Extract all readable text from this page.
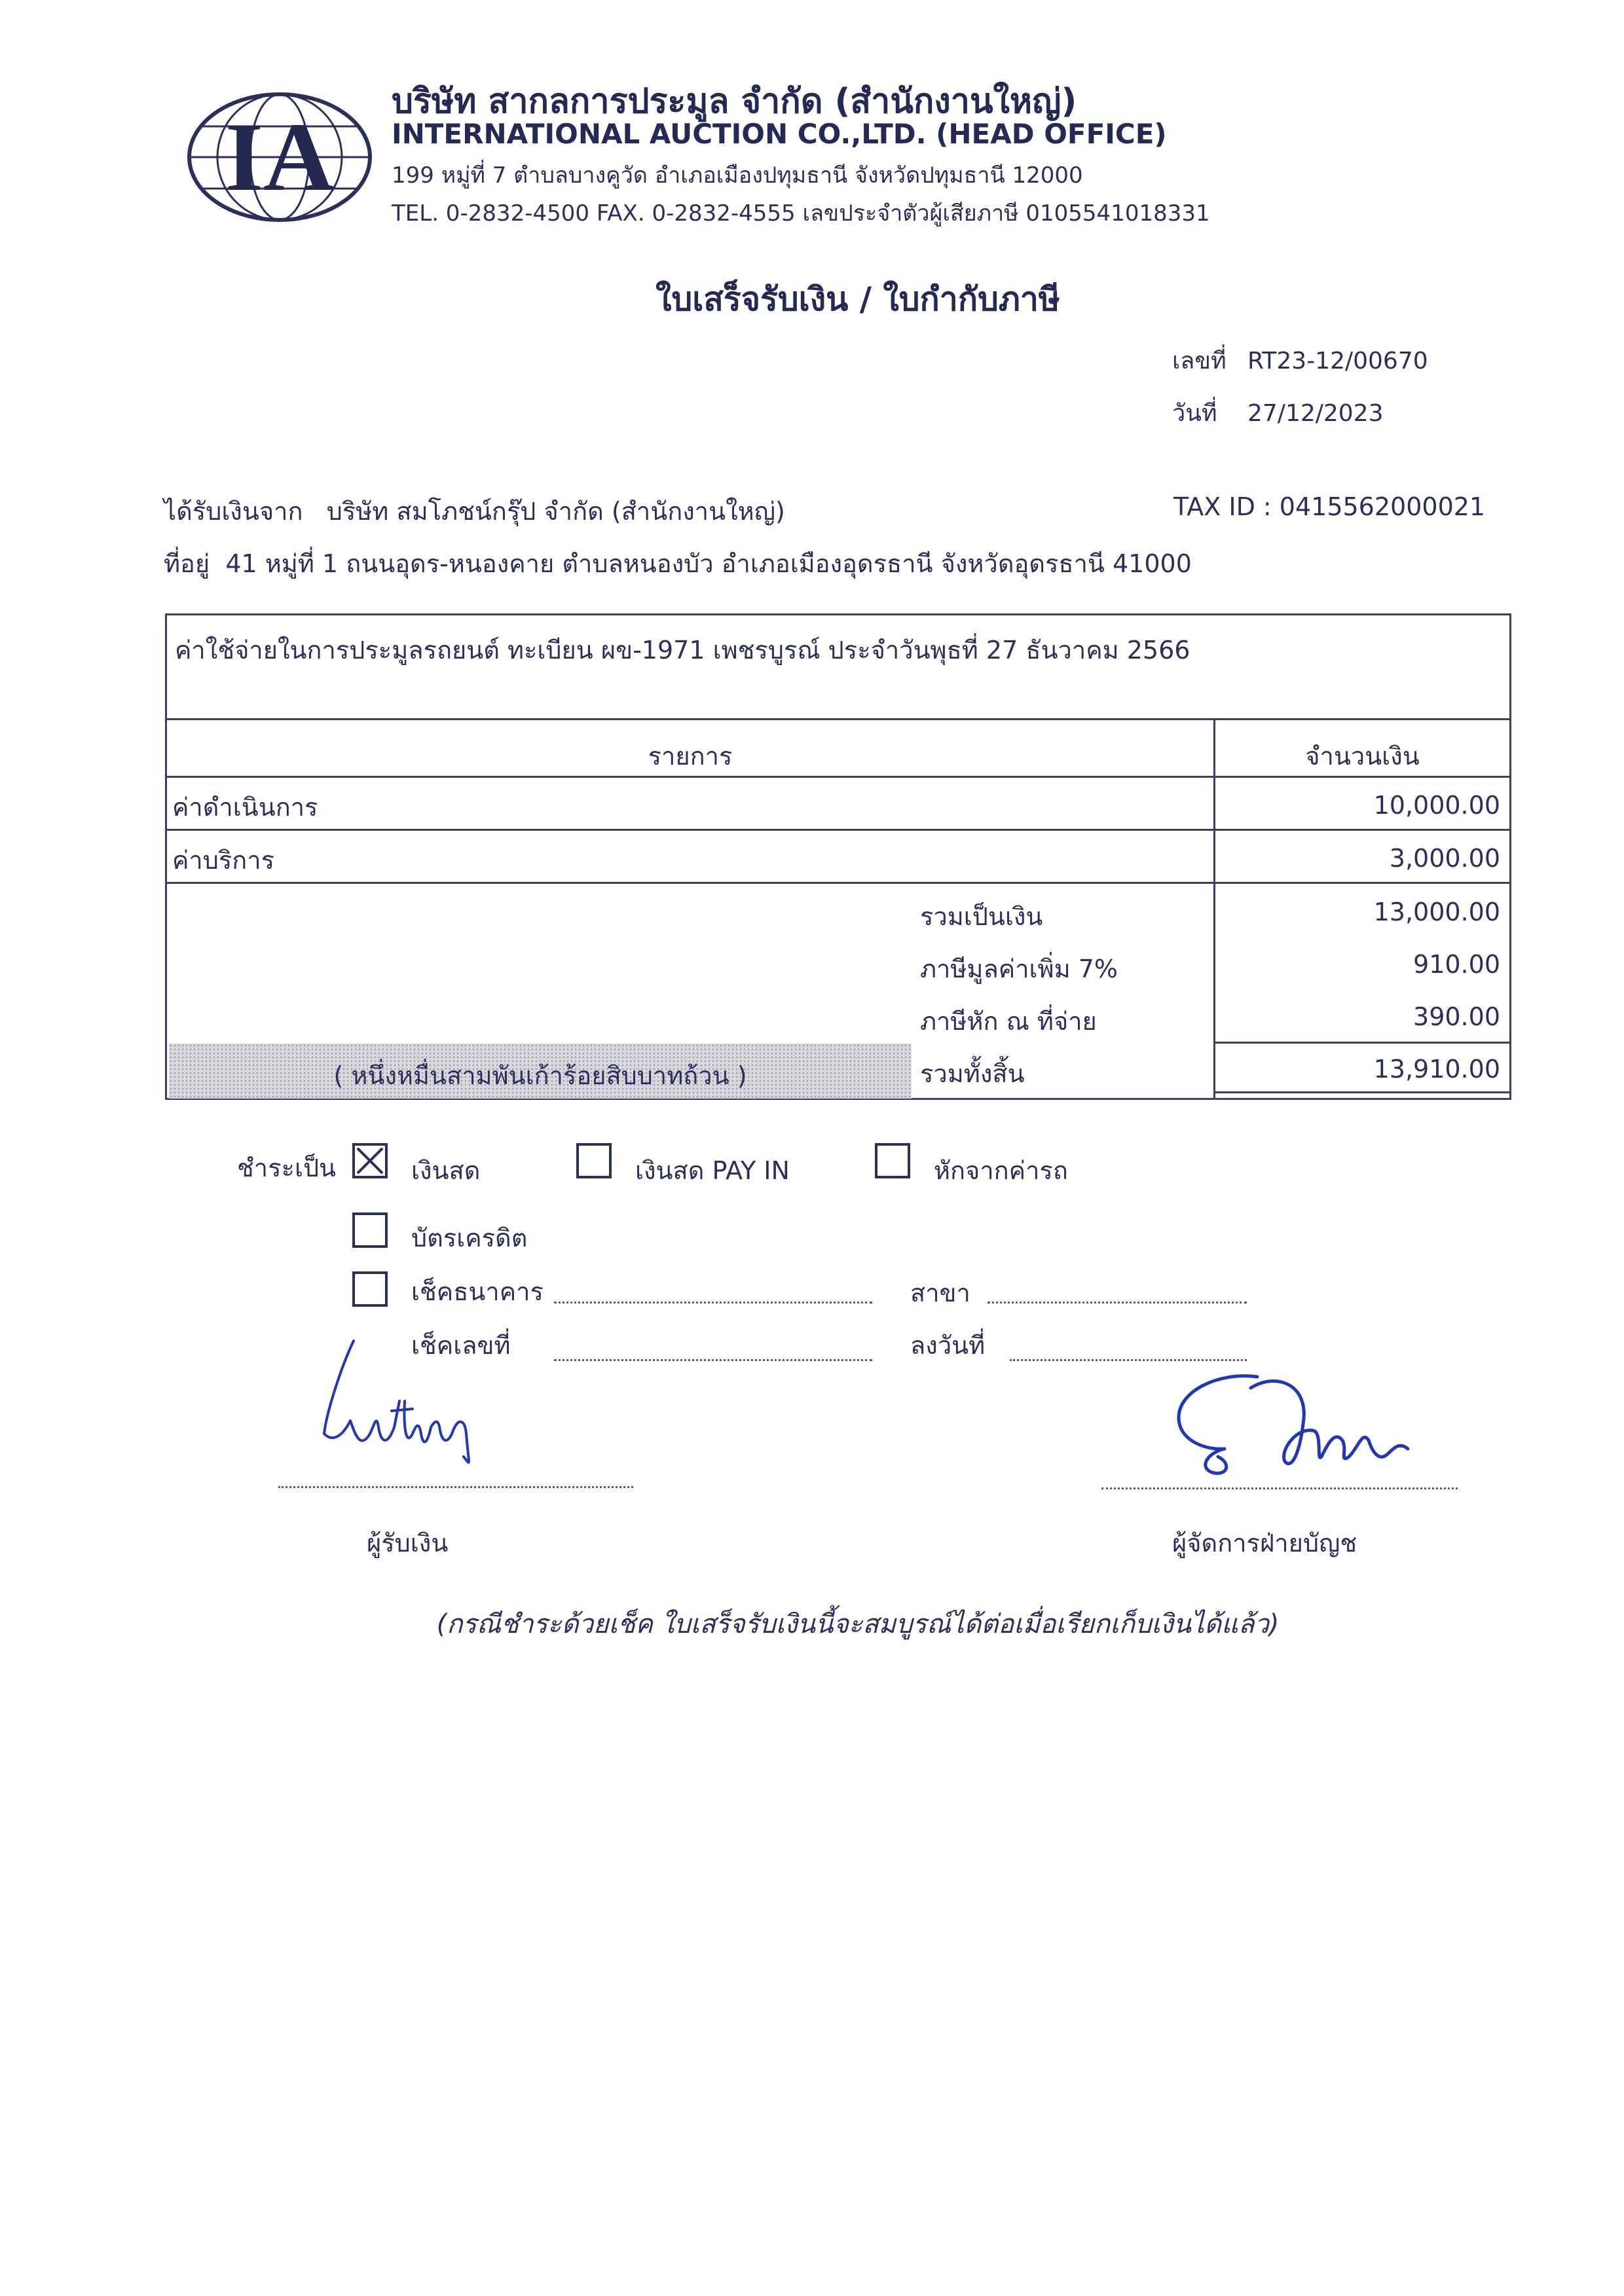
IA
บริษัท สากลการประมูล จำกัด (สำนักงานใหญ่)
INTERNATIONAL AUCTION CO.,LTD. (HEAD OFFICE)
199 หมู่ที่ 7 ตำบลบางคูวัด อำเภอเมืองปทุมธานี จังหวัดปทุมธานี 12000
TEL. 0-2832-4500 FAX. 0-2832-4555 เลขประจำตัวผู้เสียภาษี 0105541018331
ใบเสร็จรับเงิน / ใบกำกับภาษี
เลขที่ RT23-12/00670
วันที่ 27/12/2023
ได้รับเงินจาก บริษัท สมโภชน์กรุ๊ป จำกัด (สำนักงานใหญ่)	TAX ID : 0415562000021
ที่อยู่ 41 หมู่ที่ 1 ถนนอุดร-หนองคาย ตำบลหนองบัว อำเภอเมืองอุดรธานี จังหวัดอุดรธานี 41000
ค่าใช้จ่ายในการประมูลรถยนต์ ทะเบียน ผข-1971 เพชรบูรณ์ ประจำวันพุธที่ 27 ธันวาคม 2566
รายการ	จำนวนเงิน
ค่าดำเนินการ	10,000.00
ค่าบริการ	3,000.00
รวมเป็นเงิน	13,000.00
ภาษีมูลค่าเพิ่ม 7%	910.00
ภาษีหัก ณ ที่จ่าย	390.00
( หนึ่งหมื่นสามพันเก้าร้อยสิบบาทถ้วน )	รวมทั้งสิ้น	13,910.00
ชำระเป็น	เงินสด	เงินสด PAY IN	หักจากค่ารถ
บัตรเครดิต
เช็คธนาคาร	สาขา
เช็คเลขที่	ลงวันที่
ผู้รับเงิน	ผู้จัดการฝ่ายบัญช
(กรณีชำระด้วยเช็ค ใบเสร็จรับเงินนี้จะสมบูรณ์ได้ต่อเมื่อเรียกเก็บเงินได้แล้ว)
